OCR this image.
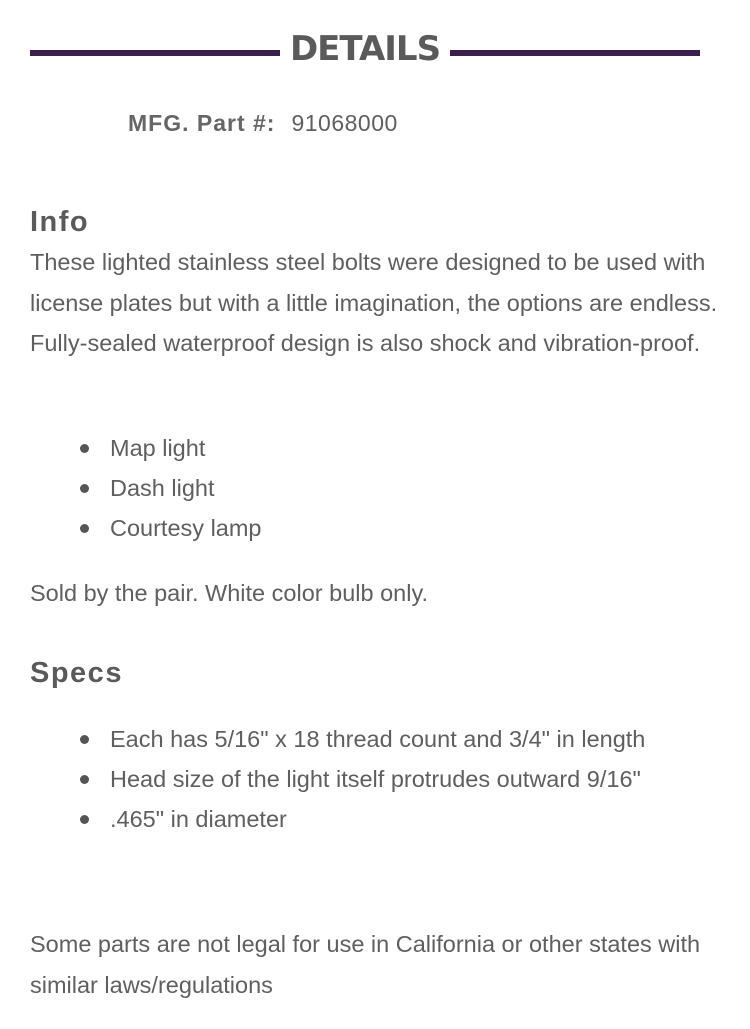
DETAILS
MFG. Part #: 91068000
Info
These lighted stainless steel bolts were designed to be used with license plates but with a little imagination, the options are endless. Fully-sealed waterproof design is also shock and vibration-proof.
Map light
Dash light
Courtesy lamp
Sold by the pair. White color bulb only.
Specs
Each has 5/16" x 18 thread count and 3/4" in length
Head size of the light itself protrudes outward 9/16"
.465" in diameter
Some parts are not legal for use in California or other states with similar laws/regulations
